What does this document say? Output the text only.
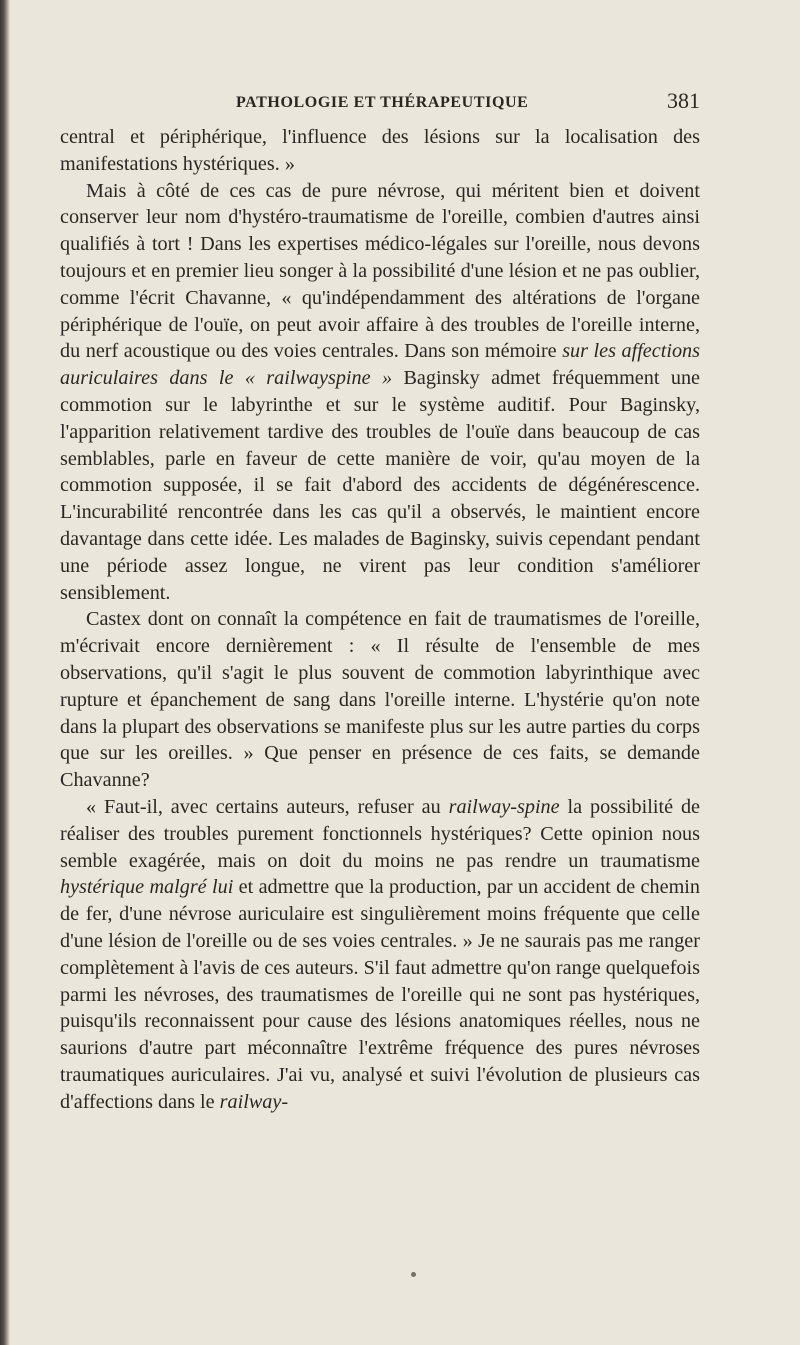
PATHOLOGIE ET THÉRAPEUTIQUE	381

central et périphérique, l'influence des lésions sur la localisation des manifestations hystériques. »

Mais à côté de ces cas de pure névrose, qui méritent bien et doivent conserver leur nom d'hystéro-traumatisme de l'oreille, combien d'autres ainsi qualifiés à tort ! Dans les expertises médico-légales sur l'oreille, nous devons toujours et en premier lieu songer à la possibilité d'une lésion et ne pas oublier, comme l'écrit Chavanne, « qu'indépendamment des altérations de l'organe périphérique de l'ouïe, on peut avoir affaire à des troubles de l'oreille interne, du nerf acoustique ou des voies centrales. Dans son mémoire sur les affections auriculaires dans le « railwayspine » Baginsky admet fréquemment une commotion sur le labyrinthe et sur le système auditif. Pour Baginsky, l'apparition relativement tardive des troubles de l'ouïe dans beaucoup de cas semblables, parle en faveur de cette manière de voir, qu'au moyen de la commotion supposée, il se fait d'abord des accidents de dégénérescence. L'incurabilité rencontrée dans les cas qu'il a observés, le maintient encore davantage dans cette idée. Les malades de Baginsky, suivis cependant pendant une période assez longue, ne virent pas leur condition s'améliorer sensiblement.

Castex dont on connaît la compétence en fait de traumatismes de l'oreille, m'écrivait encore dernièrement : « Il résulte de l'ensemble de mes observations, qu'il s'agit le plus souvent de commotion labyrinthique avec rupture et épanchement de sang dans l'oreille interne. L'hystérie qu'on note dans la plupart des observations se manifeste plus sur les autre parties du corps que sur les oreilles. » Que penser en présence de ces faits, se demande Chavanne?

« Faut-il, avec certains auteurs, refuser au railway-spine la possibilité de réaliser des troubles purement fonctionnels hystériques? Cette opinion nous semble exagérée, mais on doit du moins ne pas rendre un traumatisme hystérique malgré lui et admettre que la production, par un accident de chemin de fer, d'une névrose auriculaire est singulièrement moins fréquente que celle d'une lésion de l'oreille ou de ses voies centrales. » Je ne saurais pas me ranger complètement à l'avis de ces auteurs. S'il faut admettre qu'on range quelquefois parmi les névroses, des traumatismes de l'oreille qui ne sont pas hystériques, puisqu'ils reconnaissent pour cause des lésions anatomiques réelles, nous ne saurions d'autre part méconnaître l'extrême fréquence des pures névroses traumatiques auriculaires. J'ai vu, analysé et suivi l'évolution de plusieurs cas d'affections dans le railway-
